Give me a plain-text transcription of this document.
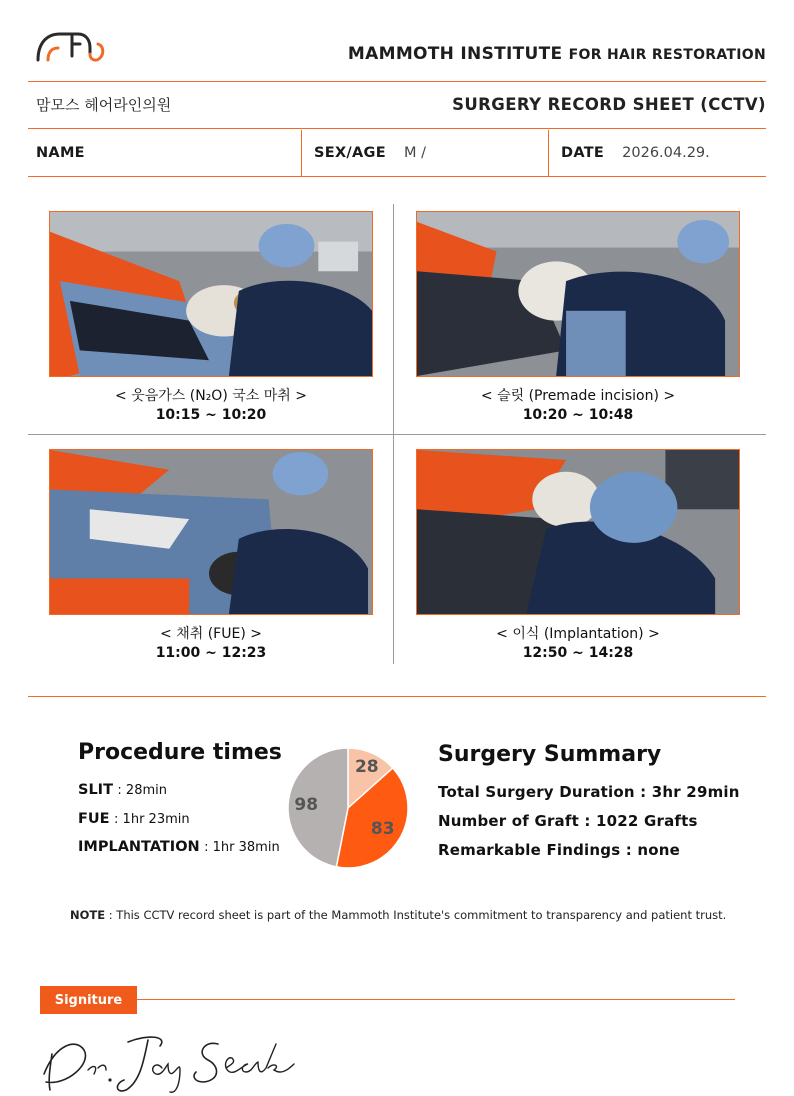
MAMMOTH INSTITUTE FOR HAIR RESTORATION
맘모스 헤어라인의원	SURGERY RECORD SHEET (CCTV)
NAME	SEX/AGE M /	DATE 2026.04.29.
< 웃음가스 (N₂O) 국소 마취 >
10:15 ~ 10:20
< 슬릿 (Premade incision) >
10:20 ~ 10:48
< 채취 (FUE) >
11:00 ~ 12:23
< 이식 (Implantation) >
12:50 ~ 14:28
Procedure times
SLIT : 28min
FUE : 1hr 23min
IMPLANTATION : 1hr 38min
28
83
98
Surgery Summary
Total Surgery Duration : 3hr 29min
Number of Graft : 1022 Grafts
Remarkable Findings : none
NOTE : This CCTV record sheet is part of the Mammoth Institute's commitment to transparency and patient trust.
Signiture
